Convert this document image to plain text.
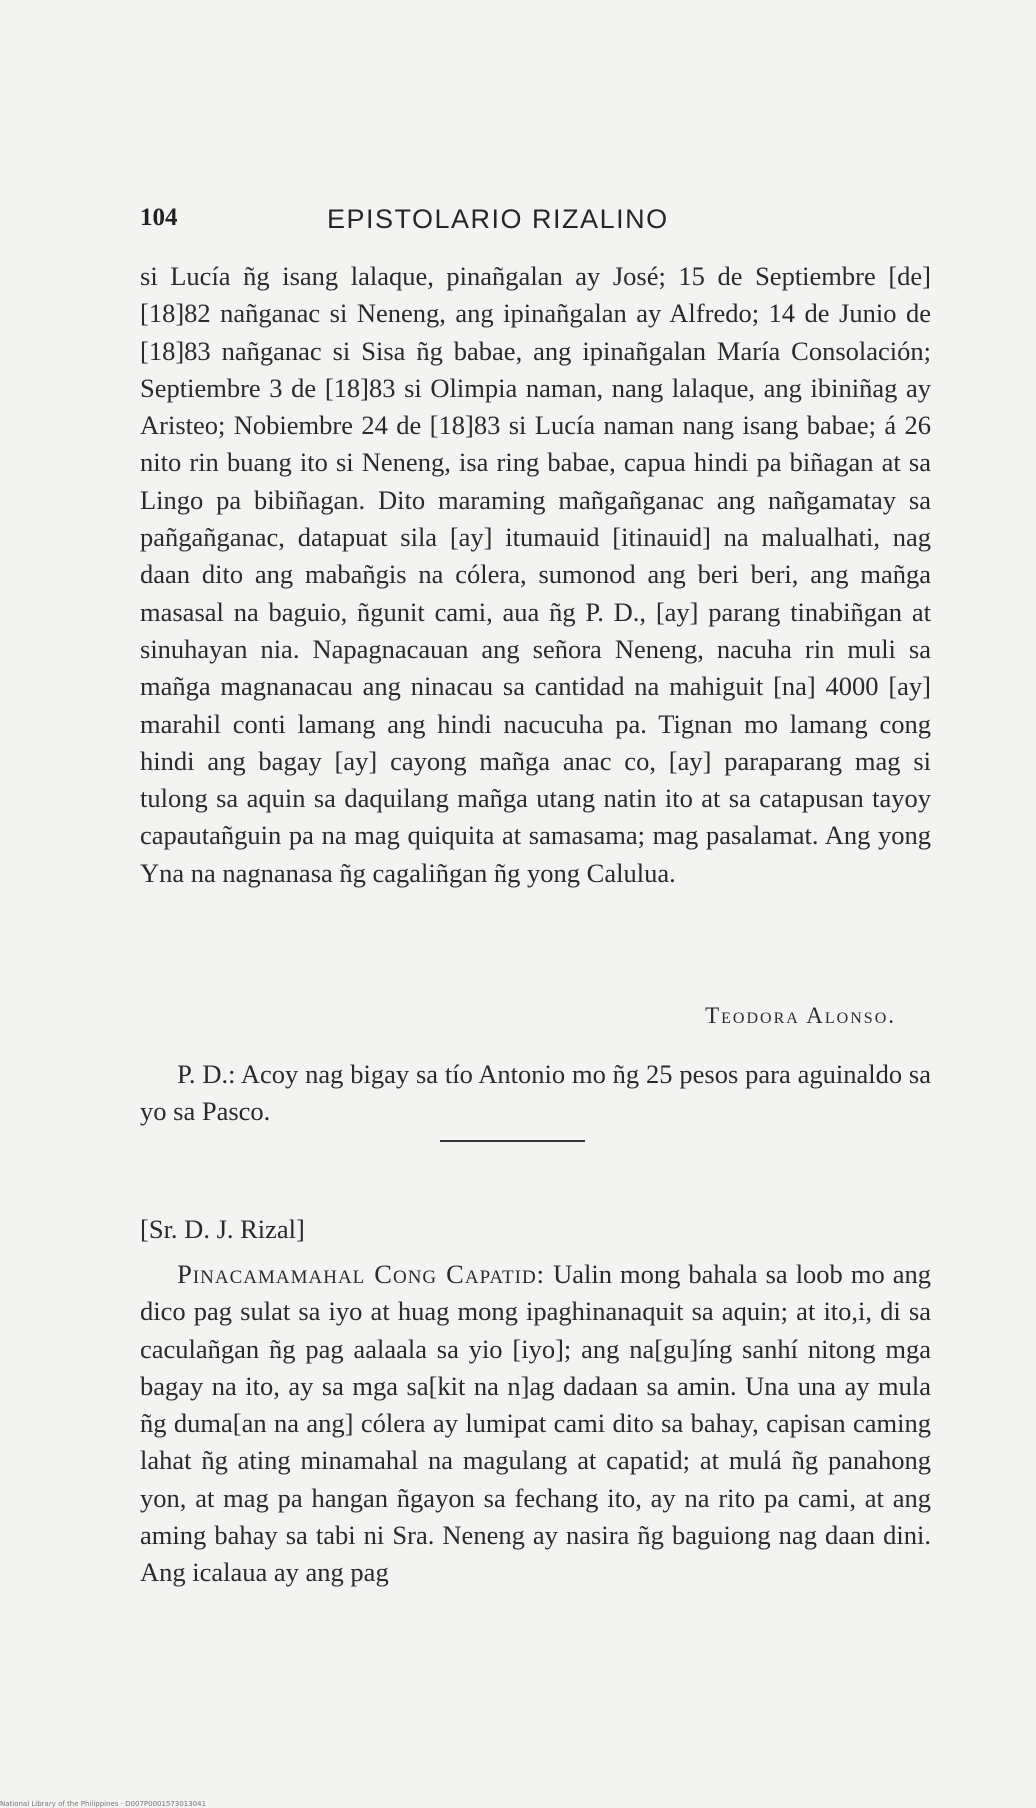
104	EPISTOLARIO RIZALINO

si Lucía ñg isang lalaque, pinañgalan ay José; 15 de Septiembre [de] [18]82 nañganac si Neneng, ang ipinañgalan ay Alfredo; 14 de Junio de [18]83 nañganac si Sisa ñg babae, ang ipinañgalan María Consolación; Septiembre 3 de [18]83 si Olimpia naman, nang lalaque, ang ibiniñag ay Aristeo; Nobiembre 24 de [18]83 si Lucía naman nang isang babae; á 26 nito rin buang ito si Neneng, isa ring babae, capua hindi pa biñagan at sa Lingo pa bibiñagan. Dito maraming mañgañganac ang nañgamatay sa pañgañganac, datapuat sila [ay] itumauid [itinauid] na malualhati, nag daan dito ang mabañgis na cólera, sumonod ang beri beri, ang mañga masasal na baguio, ñgunit cami, aua ñg P. D., [ay] parang tinabiñgan at sinuhayan nia. Napagnacauan ang señora Neneng, nacuha rin muli sa mañga magnanacau ang ninacau sa cantidad na mahiguit [na] 4000 [ay] marahil conti lamang ang hindi nacucuha pa. Tignan mo lamang cong hindi ang bagay [ay] cayong mañga anac co, [ay] paraparang mag si tulong sa aquin sa daquilang mañga utang natin ito at sa catapusan tayoy capautañguin pa na mag quiquita at samasama; mag pasalamat. Ang yong Yna na nagnanasa ñg cagaliñgan ñg yong Calulua.

Teodora Alonso.

P. D.: Acoy nag bigay sa tío Antonio mo ñg 25 pesos para aguinaldo sa yo sa Pasco.

[Sr. D. J. Rizal]

Pinacamamahal Cong Capatid: Ualin mong bahala sa loob mo ang dico pag sulat sa iyo at huag mong ipaghinanaquit sa aquin; at ito,i, di sa caculañgan ñg pag aalaala sa yio [iyo]; ang na[gu]íng sanhí nitong mga bagay na ito, ay sa mga sa[kit na n]ag dadaan sa amin. Una una ay mula ñg duma[an na ang] cólera ay lumipat cami dito sa bahay, capisan caming lahat ñg ating minamahal na magulang at capatid; at mulá ñg panahong yon, at mag pa hangan ñgayon sa fechang ito, ay na rito pa cami, at ang aming bahay sa tabi ni Sra. Neneng ay nasira ñg baguiong nag daan dini. Ang icalaua ay ang pag

National Library of the Philippines · D007P0001573013041
